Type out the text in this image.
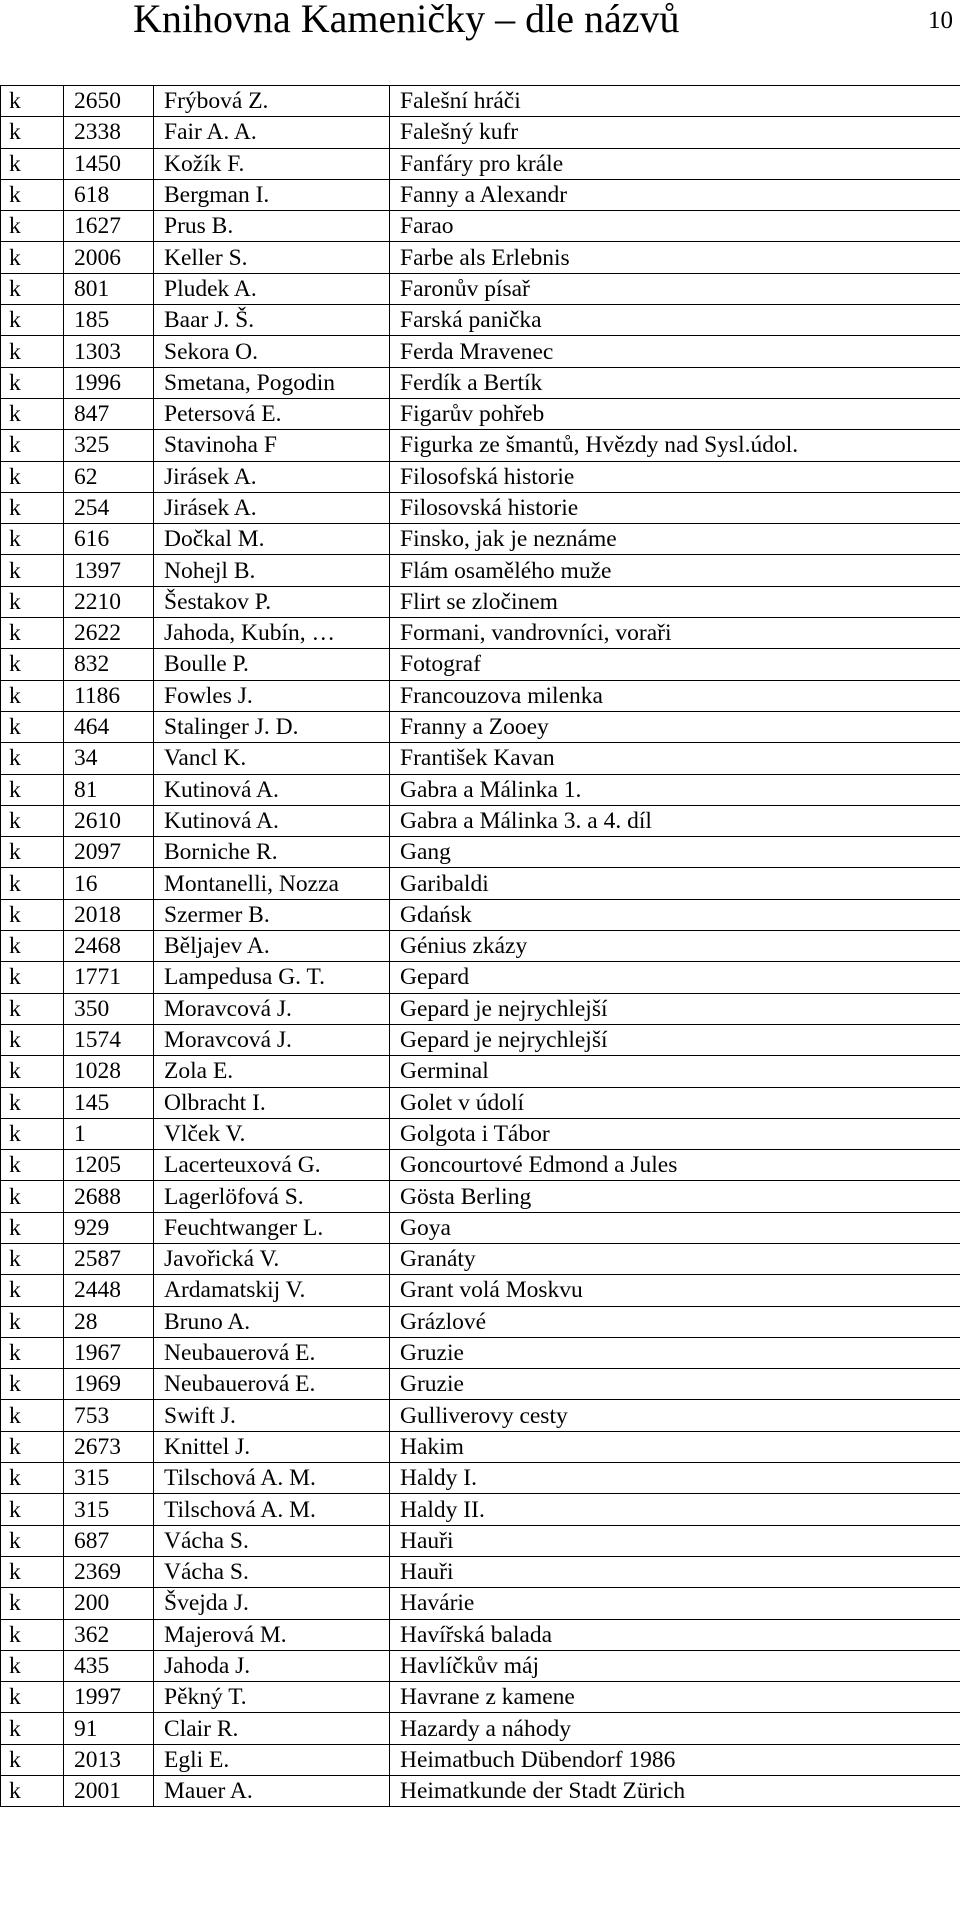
Knihovna Kameničky – dle názvů	10
k	2650	Frýbová Z.	Falešní hráči
k	2338	Fair A. A.	Falešný kufr
k	1450	Kožík F.	Fanfáry pro krále
k	618	Bergman I.	Fanny a Alexandr
k	1627	Prus B.	Farao
k	2006	Keller S.	Farbe als Erlebnis
k	801	Pludek A.	Faronův písař
k	185	Baar J. Š.	Farská panička
k	1303	Sekora O.	Ferda Mravenec
k	1996	Smetana, Pogodin	Ferdík a Bertík
k	847	Petersová E.	Figarův pohřeb
k	325	Stavinoha F	Figurka ze šmantů, Hvězdy nad Sysl.údol.
k	62	Jirásek A.	Filosofská historie
k	254	Jirásek A.	Filosovská historie
k	616	Dočkal M.	Finsko, jak je neznáme
k	1397	Nohejl B.	Flám osamělého muže
k	2210	Šestakov P.	Flirt se zločinem
k	2622	Jahoda, Kubín, …	Formani, vandrovníci, voraři
k	832	Boulle P.	Fotograf
k	1186	Fowles J.	Francouzova milenka
k	464	Stalinger J. D.	Franny a Zooey
k	34	Vancl K.	František Kavan
k	81	Kutinová A.	Gabra a Málinka 1.
k	2610	Kutinová A.	Gabra a Málinka 3. a 4. díl
k	2097	Borniche R.	Gang
k	16	Montanelli, Nozza	Garibaldi
k	2018	Szermer B.	Gdańsk
k	2468	Běljajev A.	Génius zkázy
k	1771	Lampedusa G. T.	Gepard
k	350	Moravcová J.	Gepard je nejrychlejší
k	1574	Moravcová J.	Gepard je nejrychlejší
k	1028	Zola E.	Germinal
k	145	Olbracht I.	Golet v údolí
k	1	Vlček V.	Golgota i Tábor
k	1205	Lacerteuxová G.	Goncourtové Edmond a Jules
k	2688	Lagerlöfová S.	Gösta Berling
k	929	Feuchtwanger L.	Goya
k	2587	Javořická V.	Granáty
k	2448	Ardamatskij V.	Grant volá Moskvu
k	28	Bruno A.	Grázlové
k	1967	Neubauerová E.	Gruzie
k	1969	Neubauerová E.	Gruzie
k	753	Swift J.	Gulliverovy cesty
k	2673	Knittel J.	Hakim
k	315	Tilschová A. M.	Haldy I.
k	315	Tilschová A. M.	Haldy II.
k	687	Vácha S.	Hauři
k	2369	Vácha S.	Hauři
k	200	Švejda J.	Havárie
k	362	Majerová M.	Havířská balada
k	435	Jahoda J.	Havlíčkův máj
k	1997	Pěkný T.	Havrane z kamene
k	91	Clair R.	Hazardy a náhody
k	2013	Egli E.	Heimatbuch Dübendorf 1986
k	2001	Mauer A.	Heimatkunde der Stadt Zürich
